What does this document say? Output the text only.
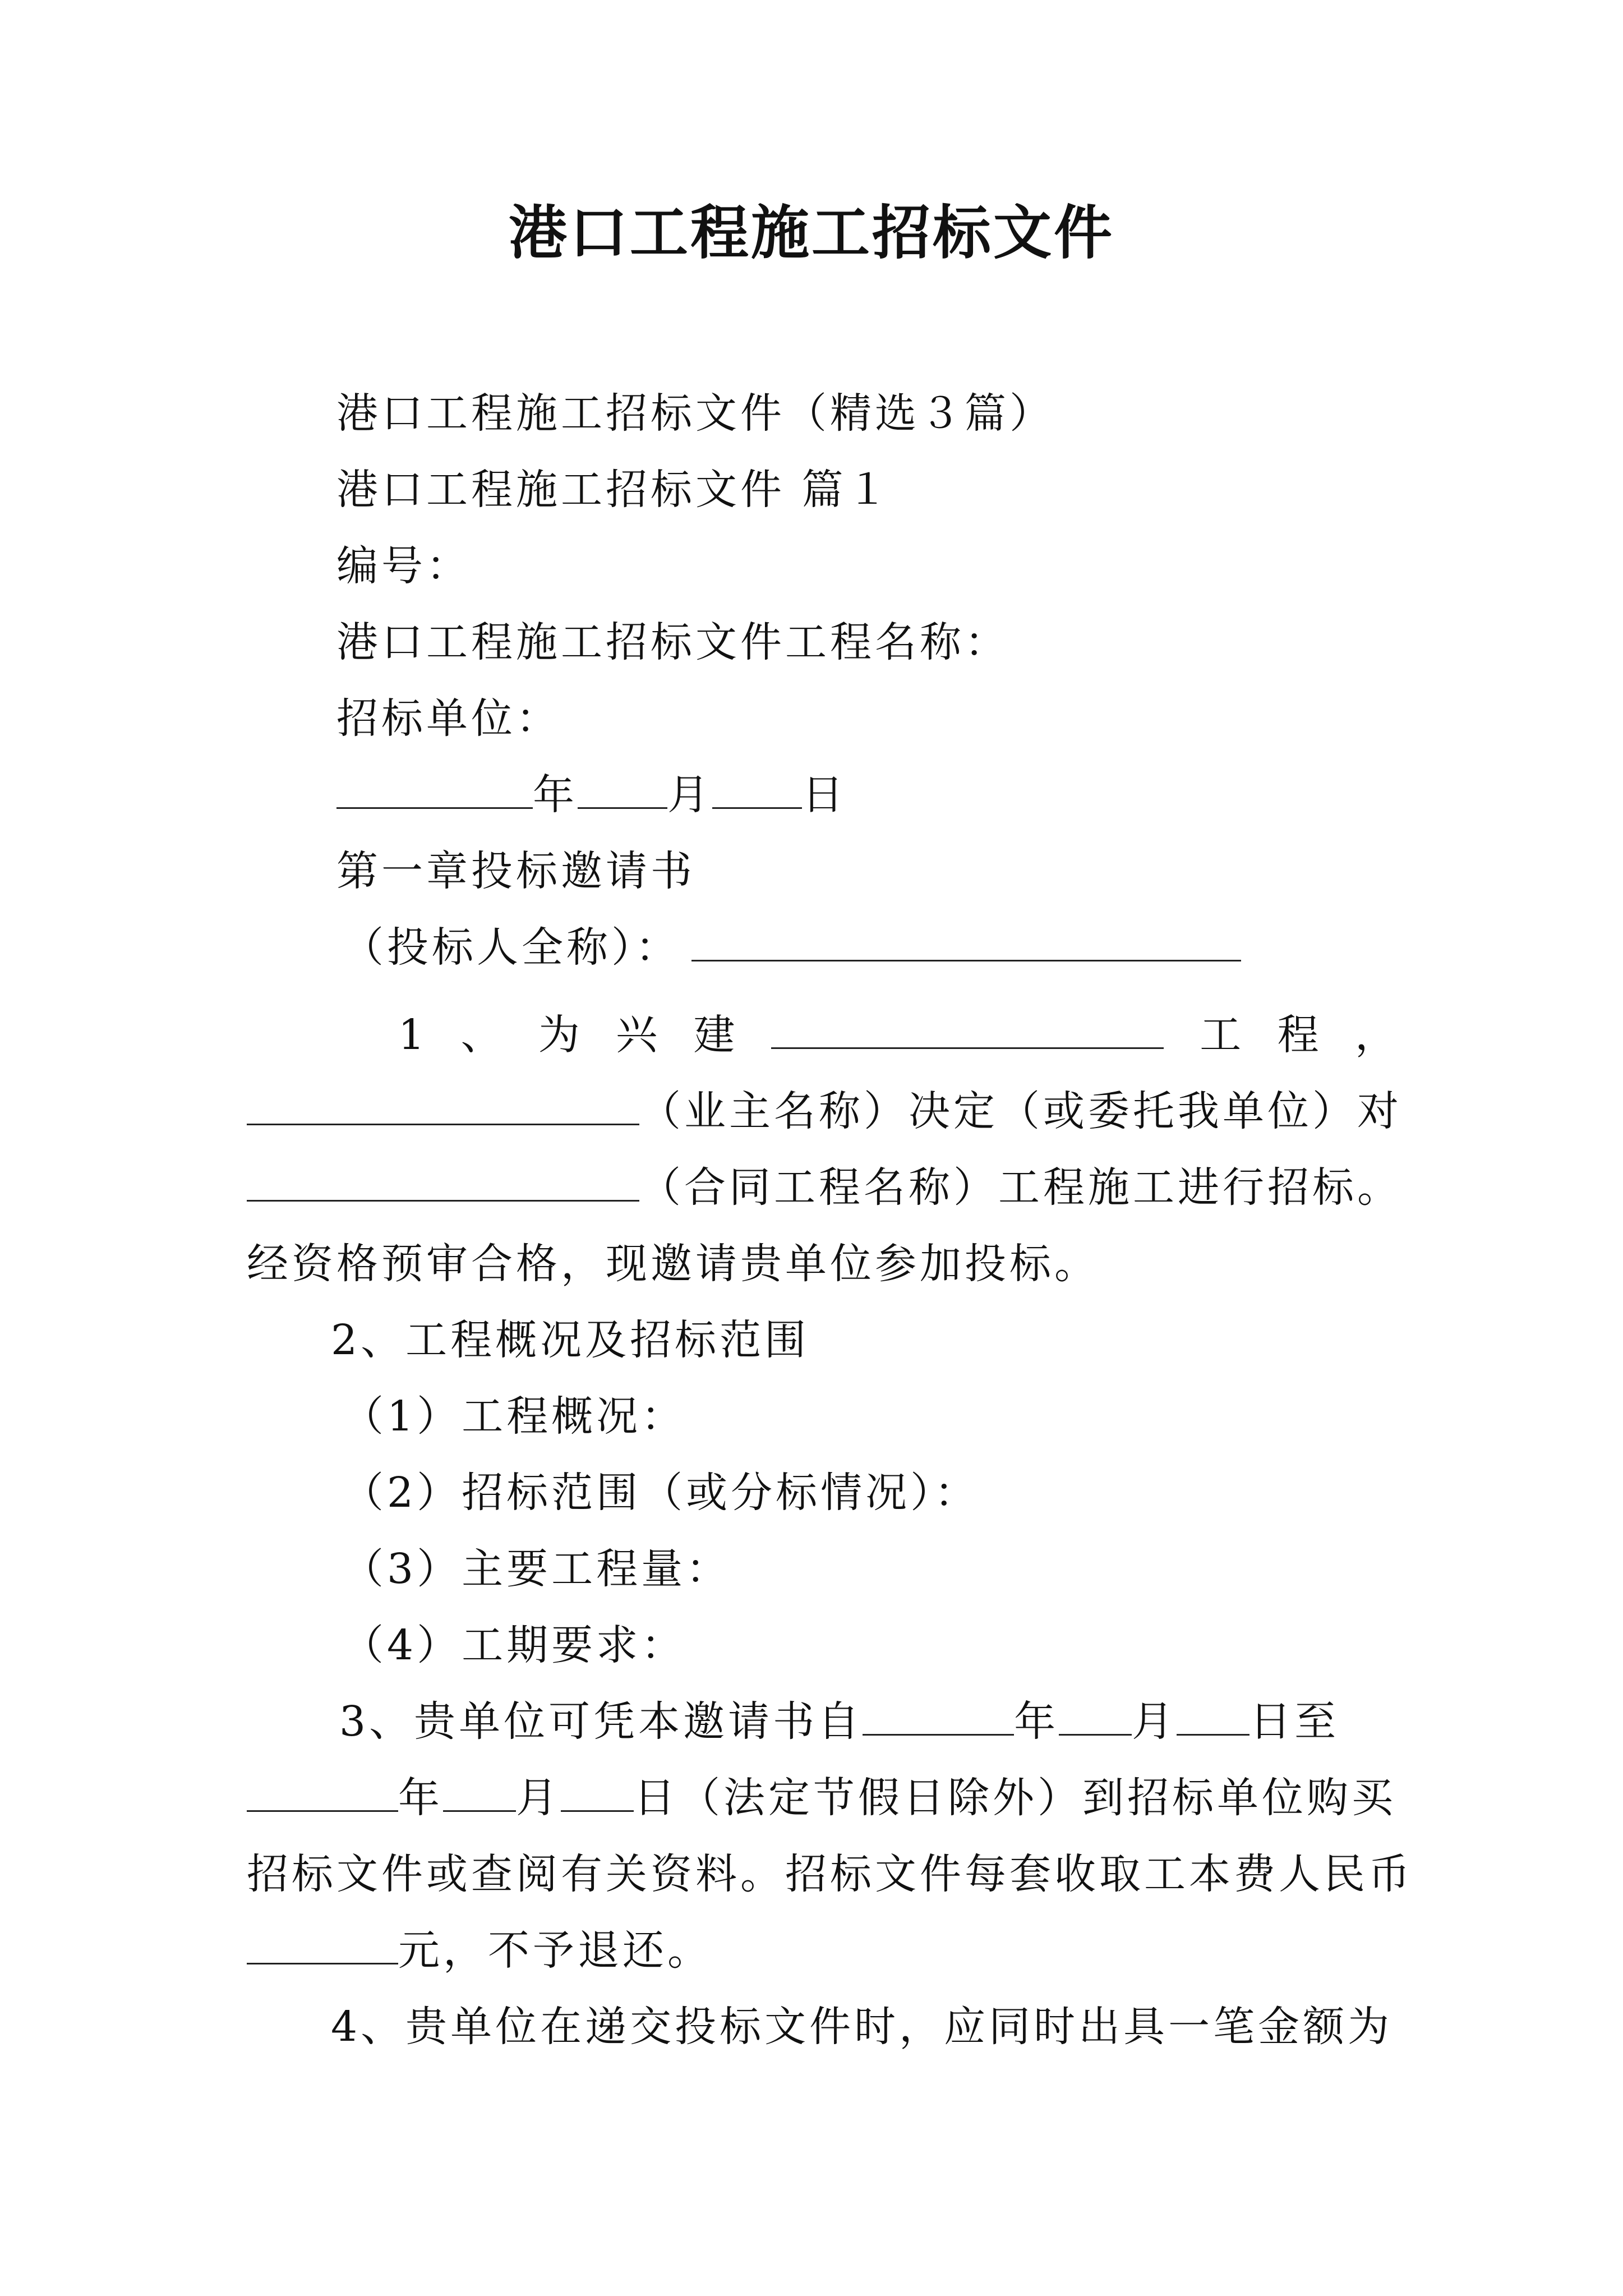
港口工程施工招标文件
港口工程施工招标文件（精选３篇）
港口工程施工招标文件 篇１
编号：
港口工程施工招标文件工程名称：
招标单位：
年 月 日
第一章投标邀请书
（投标人全称）：
1 、 为 兴 建	工 程 ，
（业主名称）决定（或委托我单位）对
（合同工程名称）工程施工进行招标。
经资格预审合格，现邀请贵单位参加投标。
2、工程概况及招标范围
（1）工程概况：
（2）招标范围（或分标情况）：
（3）主要工程量：
（4）工期要求：
3、贵单位可凭本邀请书自	年 月 日至
年 月 日（法定节假日除外）到招标单位购买
招标文件或查阅有关资料。招标文件每套收取工本费人民币
元，不予退还。
4、贵单位在递交投标文件时，应同时出具一笔金额为
